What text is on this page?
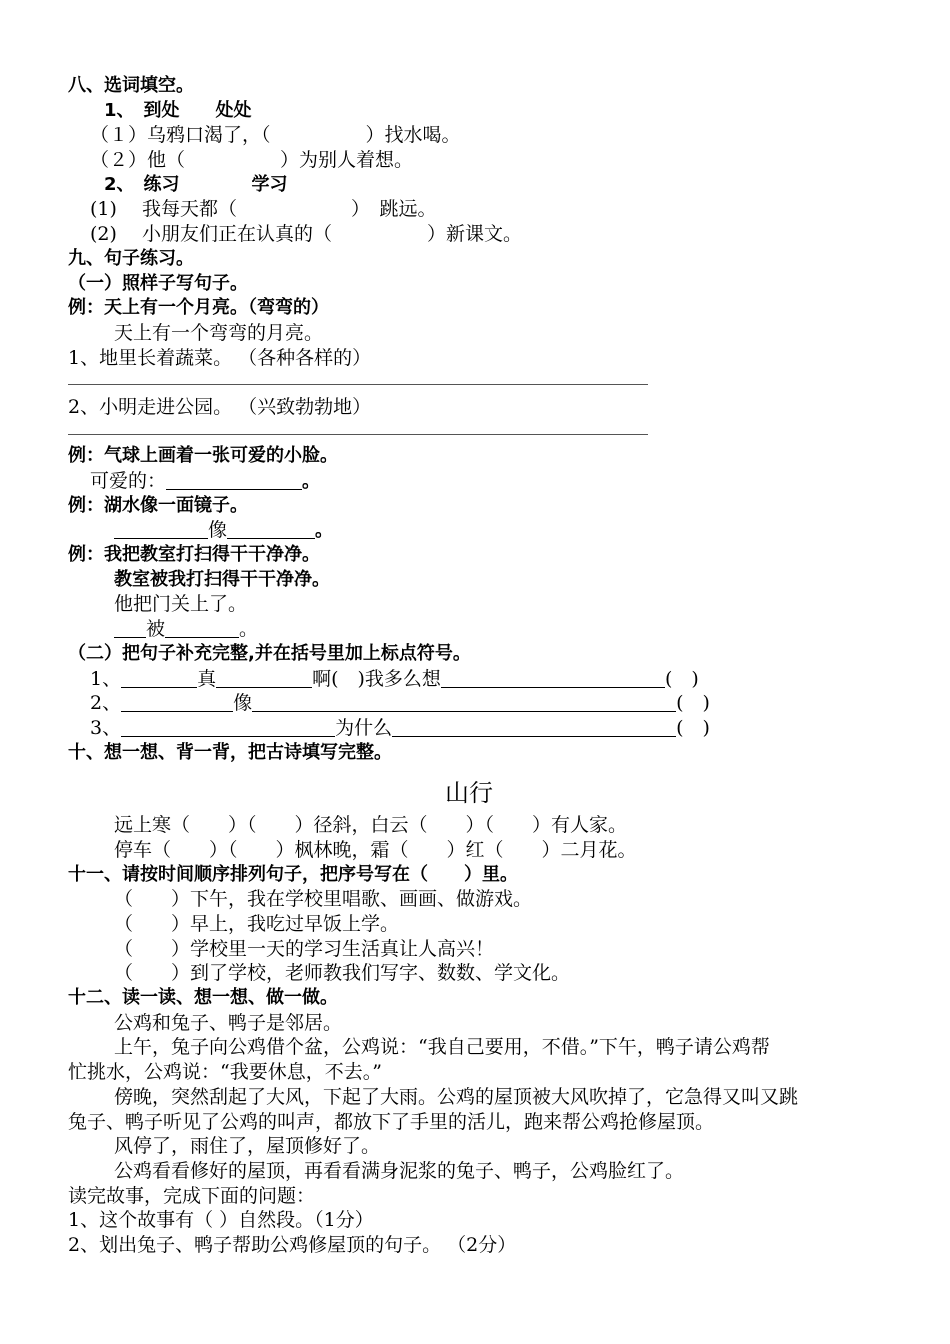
八、选词填空。
1、　到处　　处处
（１）乌鸦口渴了，（　　　　　）找水喝。
（２）他（　　　　　）为别人着想。
2、　练习　　　　学习
(1)　 我每天都（　　　　　　）　跳远。
(2)　 小朋友们正在认真的（　　　　　）新课文。
九、句子练习。
（一）照样子写句子。
例：天上有一个月亮。（弯弯的）
天上有一个弯弯的月亮。
1、地里长着蔬菜。 （各种各样的）
2、小明走进公园。 （兴致勃勃地）
例：气球上画着一张可爱的小脸。
可爱的：	。
例：湖水像一面镜子。
像	。
例：我把教室打扫得干干净净。
教室被我打扫得干干净净。
他把门关上了。
被	。
（二）把句子补充完整,并在括号里加上标点符号。
1、	真	啊(　)我多么想	(　)
2、	像	(　)
3、	为什么	(　)
十、想一想、背一背，把古诗填写完整。
山行
远上寒（　　）（　　）径斜，白云（　　）（　　）有人家。
停车（　　）（　　）枫林晚，霜（　　）红（　　）二月花。
十一、请按时间顺序排列句子，把序号写在（　　）里。
（　　）下午，我在学校里唱歌、画画、做游戏。
（　　）早上，我吃过早饭上学。
（　　）学校里一天的学习生活真让人高兴！
（　　）到了学校，老师教我们写字、数数、学文化。
十二、读一读、想一想、做一做。
公鸡和兔子、鸭子是邻居。
上午，兔子向公鸡借个盆，公鸡说：“我自己要用，不借。”下午，鸭子请公鸡帮
忙挑水，公鸡说：“我要休息，不去。”
傍晚，突然刮起了大风，下起了大雨。公鸡的屋顶被大风吹掉了，它急得又叫又跳
兔子、鸭子听见了公鸡的叫声，都放下了手里的活儿，跑来帮公鸡抢修屋顶。
风停了，雨住了，屋顶修好了。
公鸡看看修好的屋顶，再看看满身泥浆的兔子、鸭子，公鸡脸红了。
读完故事，完成下面的问题：
1、这个故事有（ ）自然段。（1分）
2、划出兔子、鸭子帮助公鸡修屋顶的句子。 （2分）
